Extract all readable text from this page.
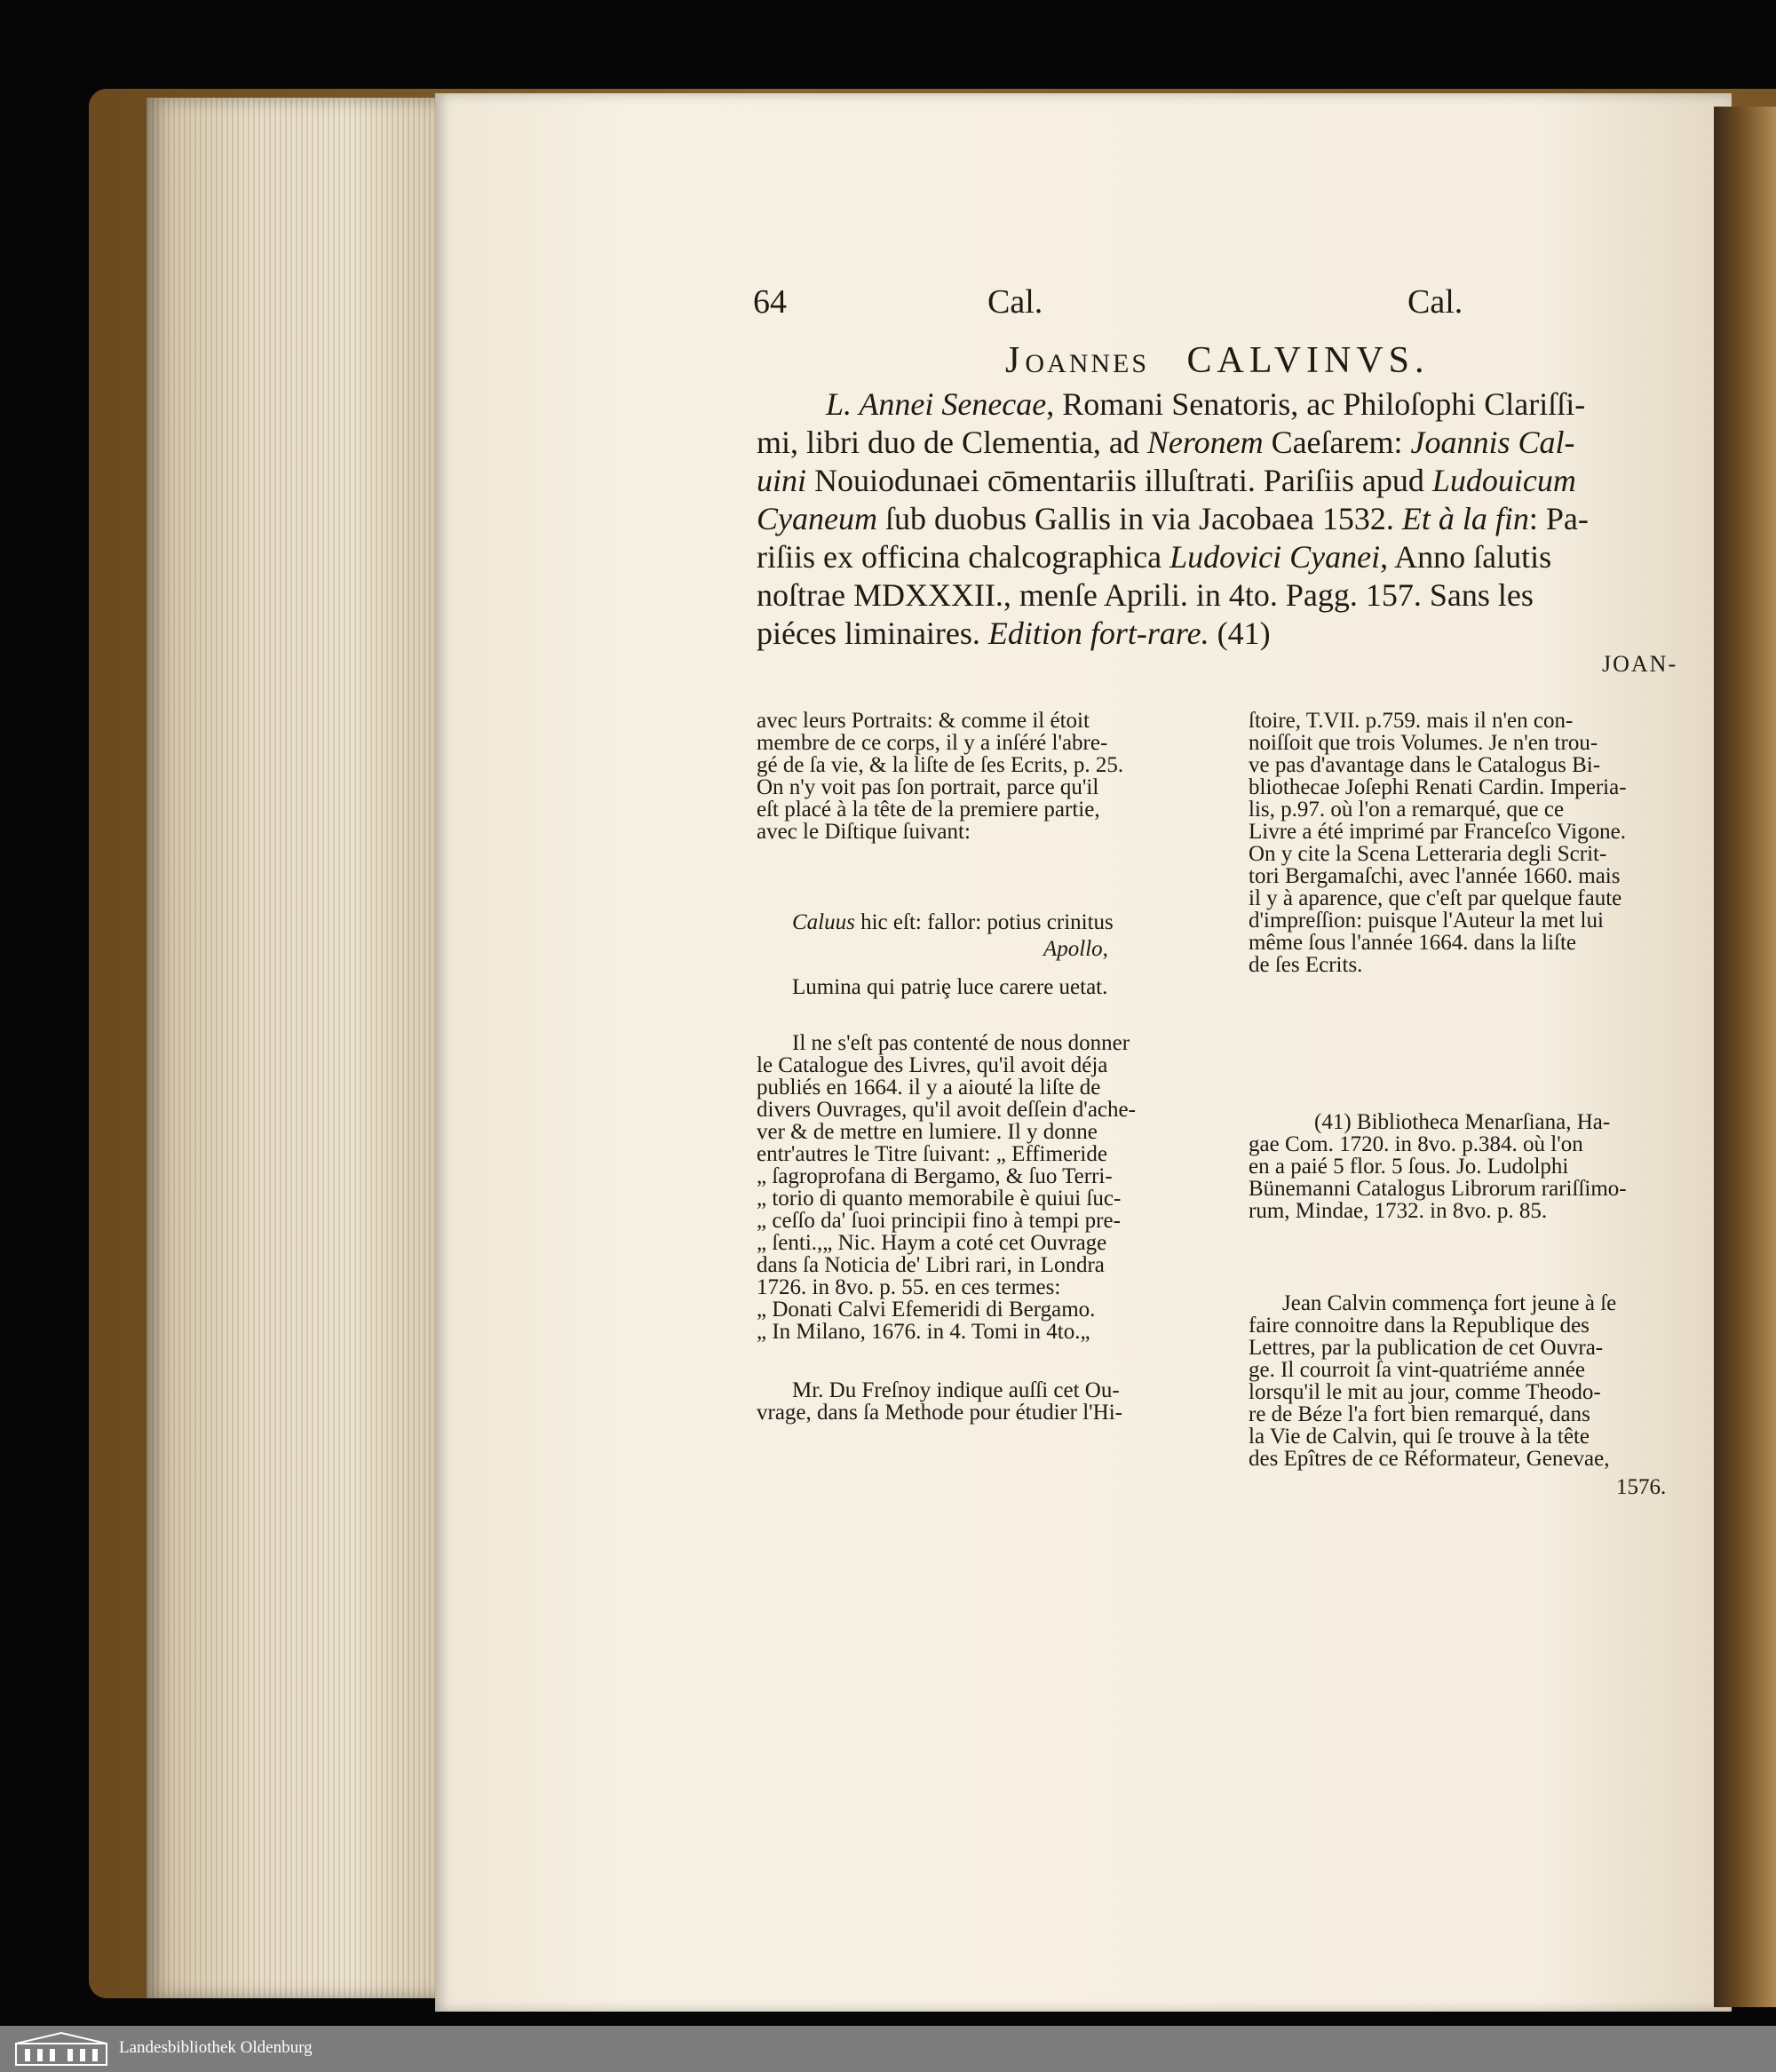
64	Cal.	Cal.
JOANNES CALVINVS.
L. Annei Senecae, Romani Senatoris, ac Philoſophi Clariſſi-
mi, libri duo de Clementia, ad Neronem Caeſarem: Joannis Cal-
uini Nouiodunaei cōmentariis illuſtrati. Pariſiis apud Ludouicum
Cyaneum ſub duobus Gallis in via Jacobaea 1532. Et à la fin: Pa-
riſiis ex officina chalcographica Ludovici Cyanei, Anno ſalutis
noſtrae MDXXXII., menſe Aprili. in 4to. Pagg. 157. Sans les
piéces liminaires. Edition fort-rare. (41)
JOAN-
avec leurs Portraits: & comme il étoit
membre de ce corps, il y a inſéré l'abre-
gé de ſa vie, & la liſte de ſes Ecrits, p. 25.
On n'y voit pas ſon portrait, parce qu'il
eſt placé à la tête de la premiere partie,
avec le Diſtique ſuivant:
Caluus hic eſt: fallor: potius crinitus
Apollo,
Lumina qui patriȩ luce carere uetat.
Il ne s'eſt pas contenté de nous donner
le Catalogue des Livres, qu'il avoit déja
publiés en 1664. il y a aiouté la liſte de
divers Ouvrages, qu'il avoit deſſein d'ache-
ver & de mettre en lumiere. Il y donne
entr'autres le Titre ſuivant: „ Effimeride
„ ſagroprofana di Bergamo, & ſuo Terri-
„ torio di quanto memorabile è quiui ſuc-
„ ceſſo da' ſuoi principii fino à tempi pre-
„ ſenti.,„ Nic. Haym a coté cet Ouvrage
dans ſa Noticia de' Libri rari, in Londra
1726. in 8vo. p. 55. en ces termes:
„ Donati Calvi Efemeridi di Bergamo.
„ In Milano, 1676. in 4. Tomi in 4to.„
Mr. Du Freſnoy indique auſſi cet Ou-
vrage, dans ſa Methode pour étudier l'Hi-
ſtoire, T.VII. p.759. mais il n'en con-
noiſſoit que trois Volumes. Je n'en trou-
ve pas d'avantage dans le Catalogus Bi-
bliothecae Joſephi Renati Cardin. Imperia-
lis, p.97. où l'on a remarqué, que ce
Livre a été imprimé par Franceſco Vigone.
On y cite la Scena Letteraria degli Scrit-
tori Bergamaſchi, avec l'année 1660. mais
il y à aparence, que c'eſt par quelque faute
d'impreſſion: puisque l'Auteur la met lui
même ſous l'année 1664. dans la liſte
de ſes Ecrits.
(41) Bibliotheca Menarſiana, Ha-
gae Com. 1720. in 8vo. p.384. où l'on
en a paié 5 flor. 5 ſous. Jo. Ludolphi
Bünemanni Catalogus Librorum rariſſimo-
rum, Mindae, 1732. in 8vo. p. 85.
Jean Calvin commença fort jeune à ſe
faire connoitre dans la Republique des
Lettres, par la publication de cet Ouvra-
ge. Il courroit ſa vint-quatriéme année
lorsqu'il le mit au jour, comme Theodo-
re de Béze l'a fort bien remarqué, dans
la Vie de Calvin, qui ſe trouve à la tête
des Epîtres de ce Réformateur, Genevae,
1576.
Landesbibliothek Oldenburg
